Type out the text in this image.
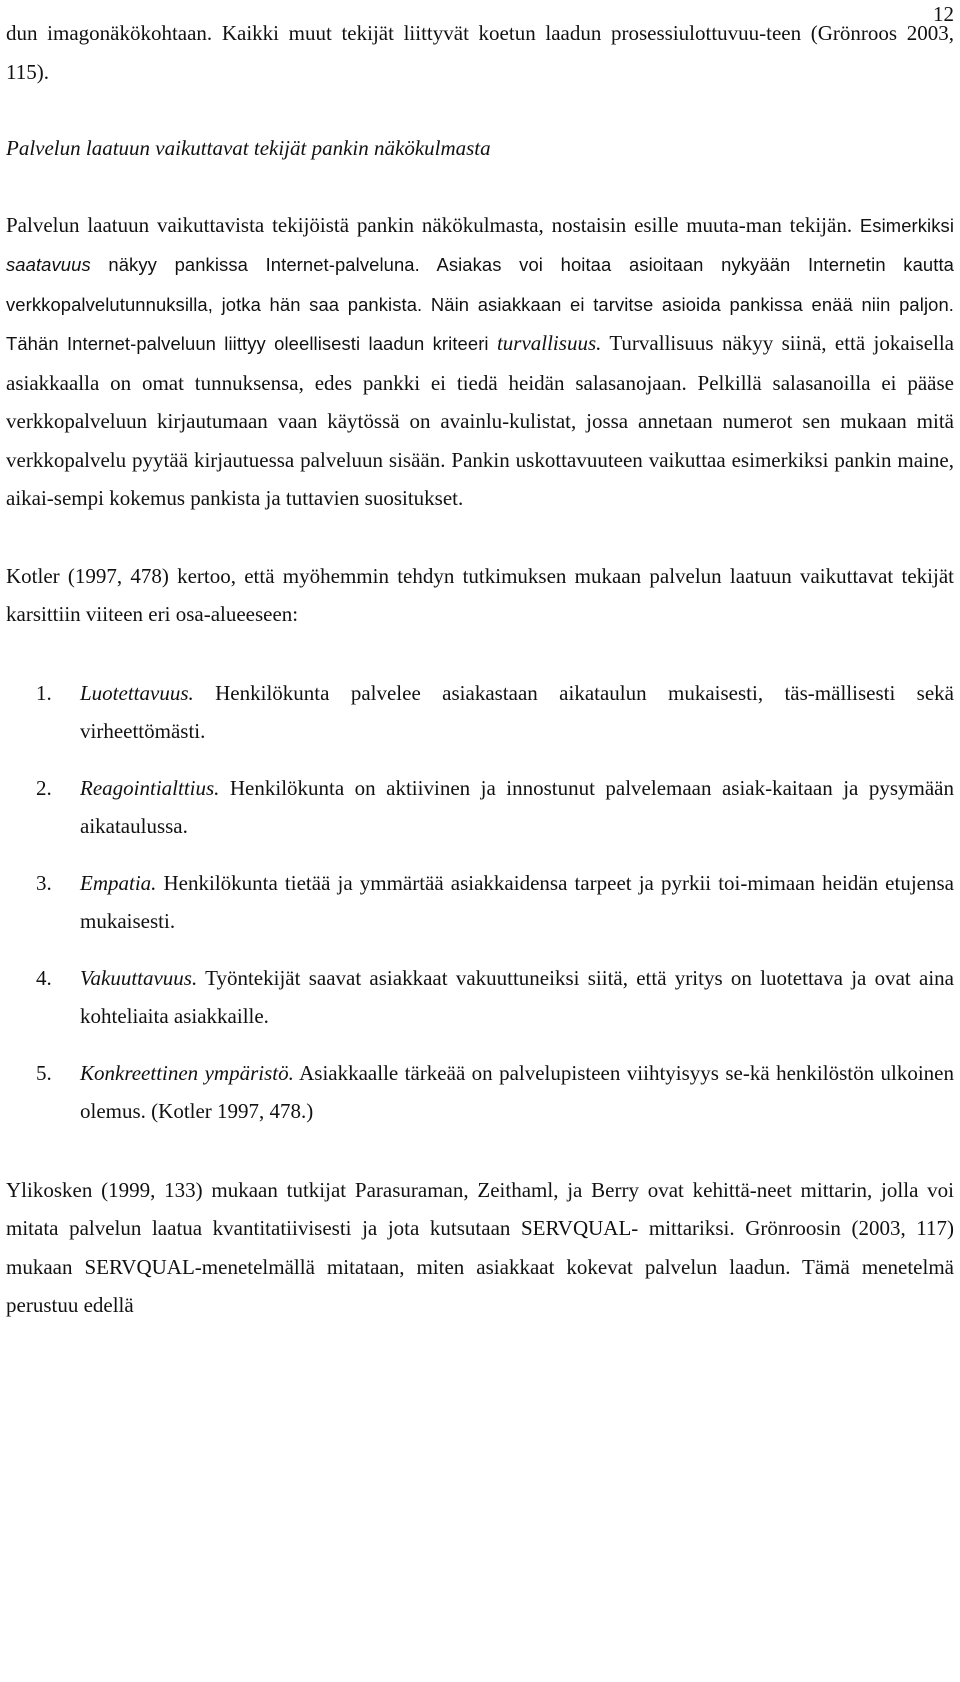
12

dun imagonäkökohtaan. Kaikki muut tekijät liittyvät koetun laadun prosessiulottuvuu-teen (Grönroos 2003, 115).

Palvelun laatuun vaikuttavat tekijät pankin näkökulmasta

Palvelun laatuun vaikuttavista tekijöistä pankin näkökulmasta, nostaisin esille muuta-man tekijän. Esimerkiksi saatavuus näkyy pankissa Internet-palveluna. Asiakas voi hoitaa asioitaan nykyään Internetin kautta verkkopalvelutunnuksilla, jotka hän saa pankista. Näin asiakkaan ei tarvitse asioida pankissa enää niin paljon. Tähän Internet-palveluun liittyy oleellisesti laadun kriteeri turvallisuus. Turvallisuus näkyy siinä, että jokaisella asiakkaalla on omat tunnuksensa, edes pankki ei tiedä heidän salasanojaan. Pelkillä salasanoilla ei pääse verkkopalveluun kirjautumaan vaan käytössä on avainlu-kulistat, jossa annetaan numerot sen mukaan mitä verkkopalvelu pyytää kirjautuessa palveluun sisään. Pankin uskottavuuteen vaikuttaa esimerkiksi pankin maine, aikai-sempi kokemus pankista ja tuttavien suositukset.

Kotler (1997, 478) kertoo, että myöhemmin tehdyn tutkimuksen mukaan palvelun laatuun vaikuttavat tekijät karsittiin viiteen eri osa-alueeseen:

1. Luotettavuus. Henkilökunta palvelee asiakastaan aikataulun mukaisesti, täs-mällisesti sekä virheettömästi.
2. Reagointialttius. Henkilökunta on aktiivinen ja innostunut palvelemaan asiak-kaitaan ja pysymään aikataulussa.
3. Empatia. Henkilökunta tietää ja ymmärtää asiakkaidensa tarpeet ja pyrkii toi-mimaan heidän etujensa mukaisesti.
4. Vakuuttavuus. Työntekijät saavat asiakkaat vakuuttuneiksi siitä, että yritys on luotettava ja ovat aina kohteliaita asiakkaille.
5. Konkreettinen ympäristö. Asiakkaalle tärkeää on palvelupisteen viihtyisyys se-kä henkilöstön ulkoinen olemus. (Kotler 1997, 478.)

Ylikosken (1999, 133) mukaan tutkijat Parasuraman, Zeithaml, ja Berry ovat kehittä-neet mittarin, jolla voi mitata palvelun laatua kvantitatiivisesti ja jota kutsutaan SERVQUAL- mittariksi. Grönroosin (2003, 117) mukaan SERVQUAL-menetelmällä mitataan, miten asiakkaat kokevat palvelun laadun. Tämä menetelmä perustuu edellä
